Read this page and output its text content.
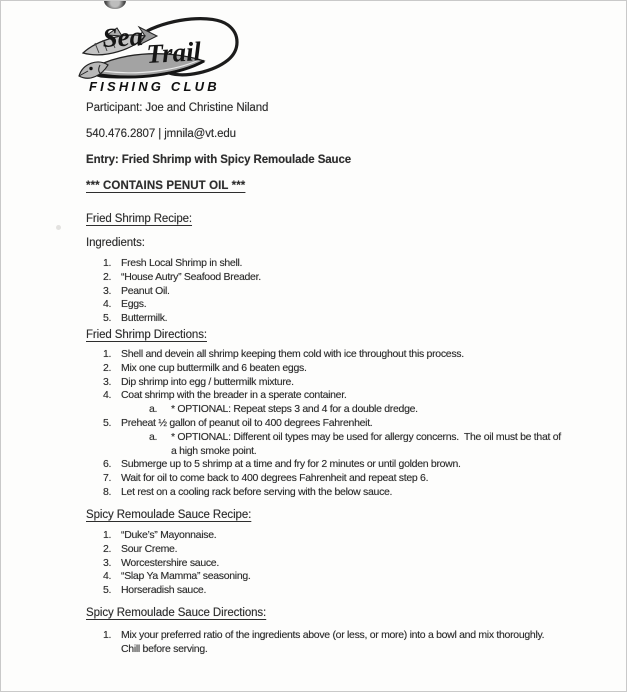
Sea Trail
FISHING CLUB
Participant: Joe and Christine Niland
540.476.2807 | jmnila@vt.edu
Entry: Fried Shrimp with Spicy Remoulade Sauce
*** CONTAINS PENUT OIL ***
Fried Shrimp Recipe:
Ingredients:
1. Fresh Local Shrimp in shell.
2. “House Autry” Seafood Breader.
3. Peanut Oil.
4. Eggs.
5. Buttermilk.
Fried Shrimp Directions:
1. Shell and devein all shrimp keeping them cold with ice throughout this process.
2. Mix one cup buttermilk and 6 beaten eggs.
3. Dip shrimp into egg / buttermilk mixture.
4. Coat shrimp with the breader in a sperate container.
a.	* OPTIONAL: Repeat steps 3 and 4 for a double dredge.
5. Preheat ½ gallon of peanut oil to 400 degrees Fahrenheit.
a.	* OPTIONAL: Different oil types may be used for allergy concerns.  The oil must be that of a high smoke point.
6. Submerge up to 5 shrimp at a time and fry for 2 minutes or until golden brown.
7. Wait for oil to come back to 400 degrees Fahrenheit and repeat step 6.
8. Let rest on a cooling rack before serving with the below sauce.
Spicy Remoulade Sauce Recipe:
1. “Duke’s” Mayonnaise.
2. Sour Creme.
3. Worcestershire sauce.
4. “Slap Ya Mamma” seasoning.
5. Horseradish sauce.
Spicy Remoulade Sauce Directions:
1. Mix your preferred ratio of the ingredients above (or less, or more) into a bowl and mix thoroughly.  Chill before serving.
